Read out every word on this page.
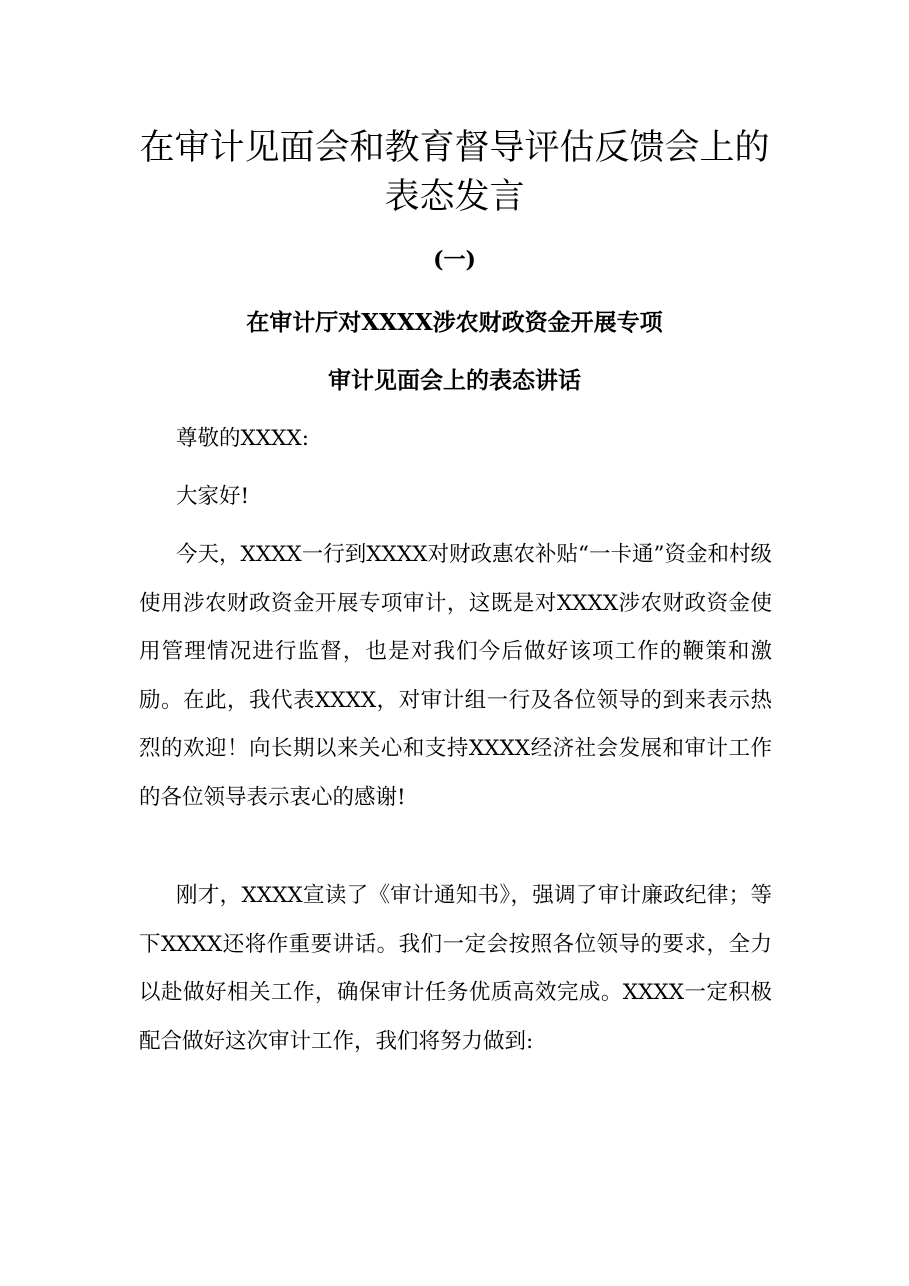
在审计见面会和教育督导评估反馈会上的
表态发言
(一)
在审计厅对XXXX涉农财政资金开展专项
审计见面会上的表态讲话

尊敬的XXXX:

大家好!

今天，XXXX一行到XXXX对财政惠农补贴“一卡通”资金和村级使用涉农财政资金开展专项审计，这既是对XXXX涉农财政资金使用管理情况进行监督，也是对我们今后做好该项工作的鞭策和激励。在此，我代表XXXX，对审计组一行及各位领导的到来表示热烈的欢迎！向长期以来关心和支持XXXX经济社会发展和审计工作的各位领导表示衷心的感谢!

刚才，XXXX宣读了《审计通知书》，强调了审计廉政纪律；等下XXXX还将作重要讲话。我们一定会按照各位领导的要求，全力以赴做好相关工作，确保审计任务优质高效完成。XXXX一定积极配合做好这次审计工作，我们将努力做到:
